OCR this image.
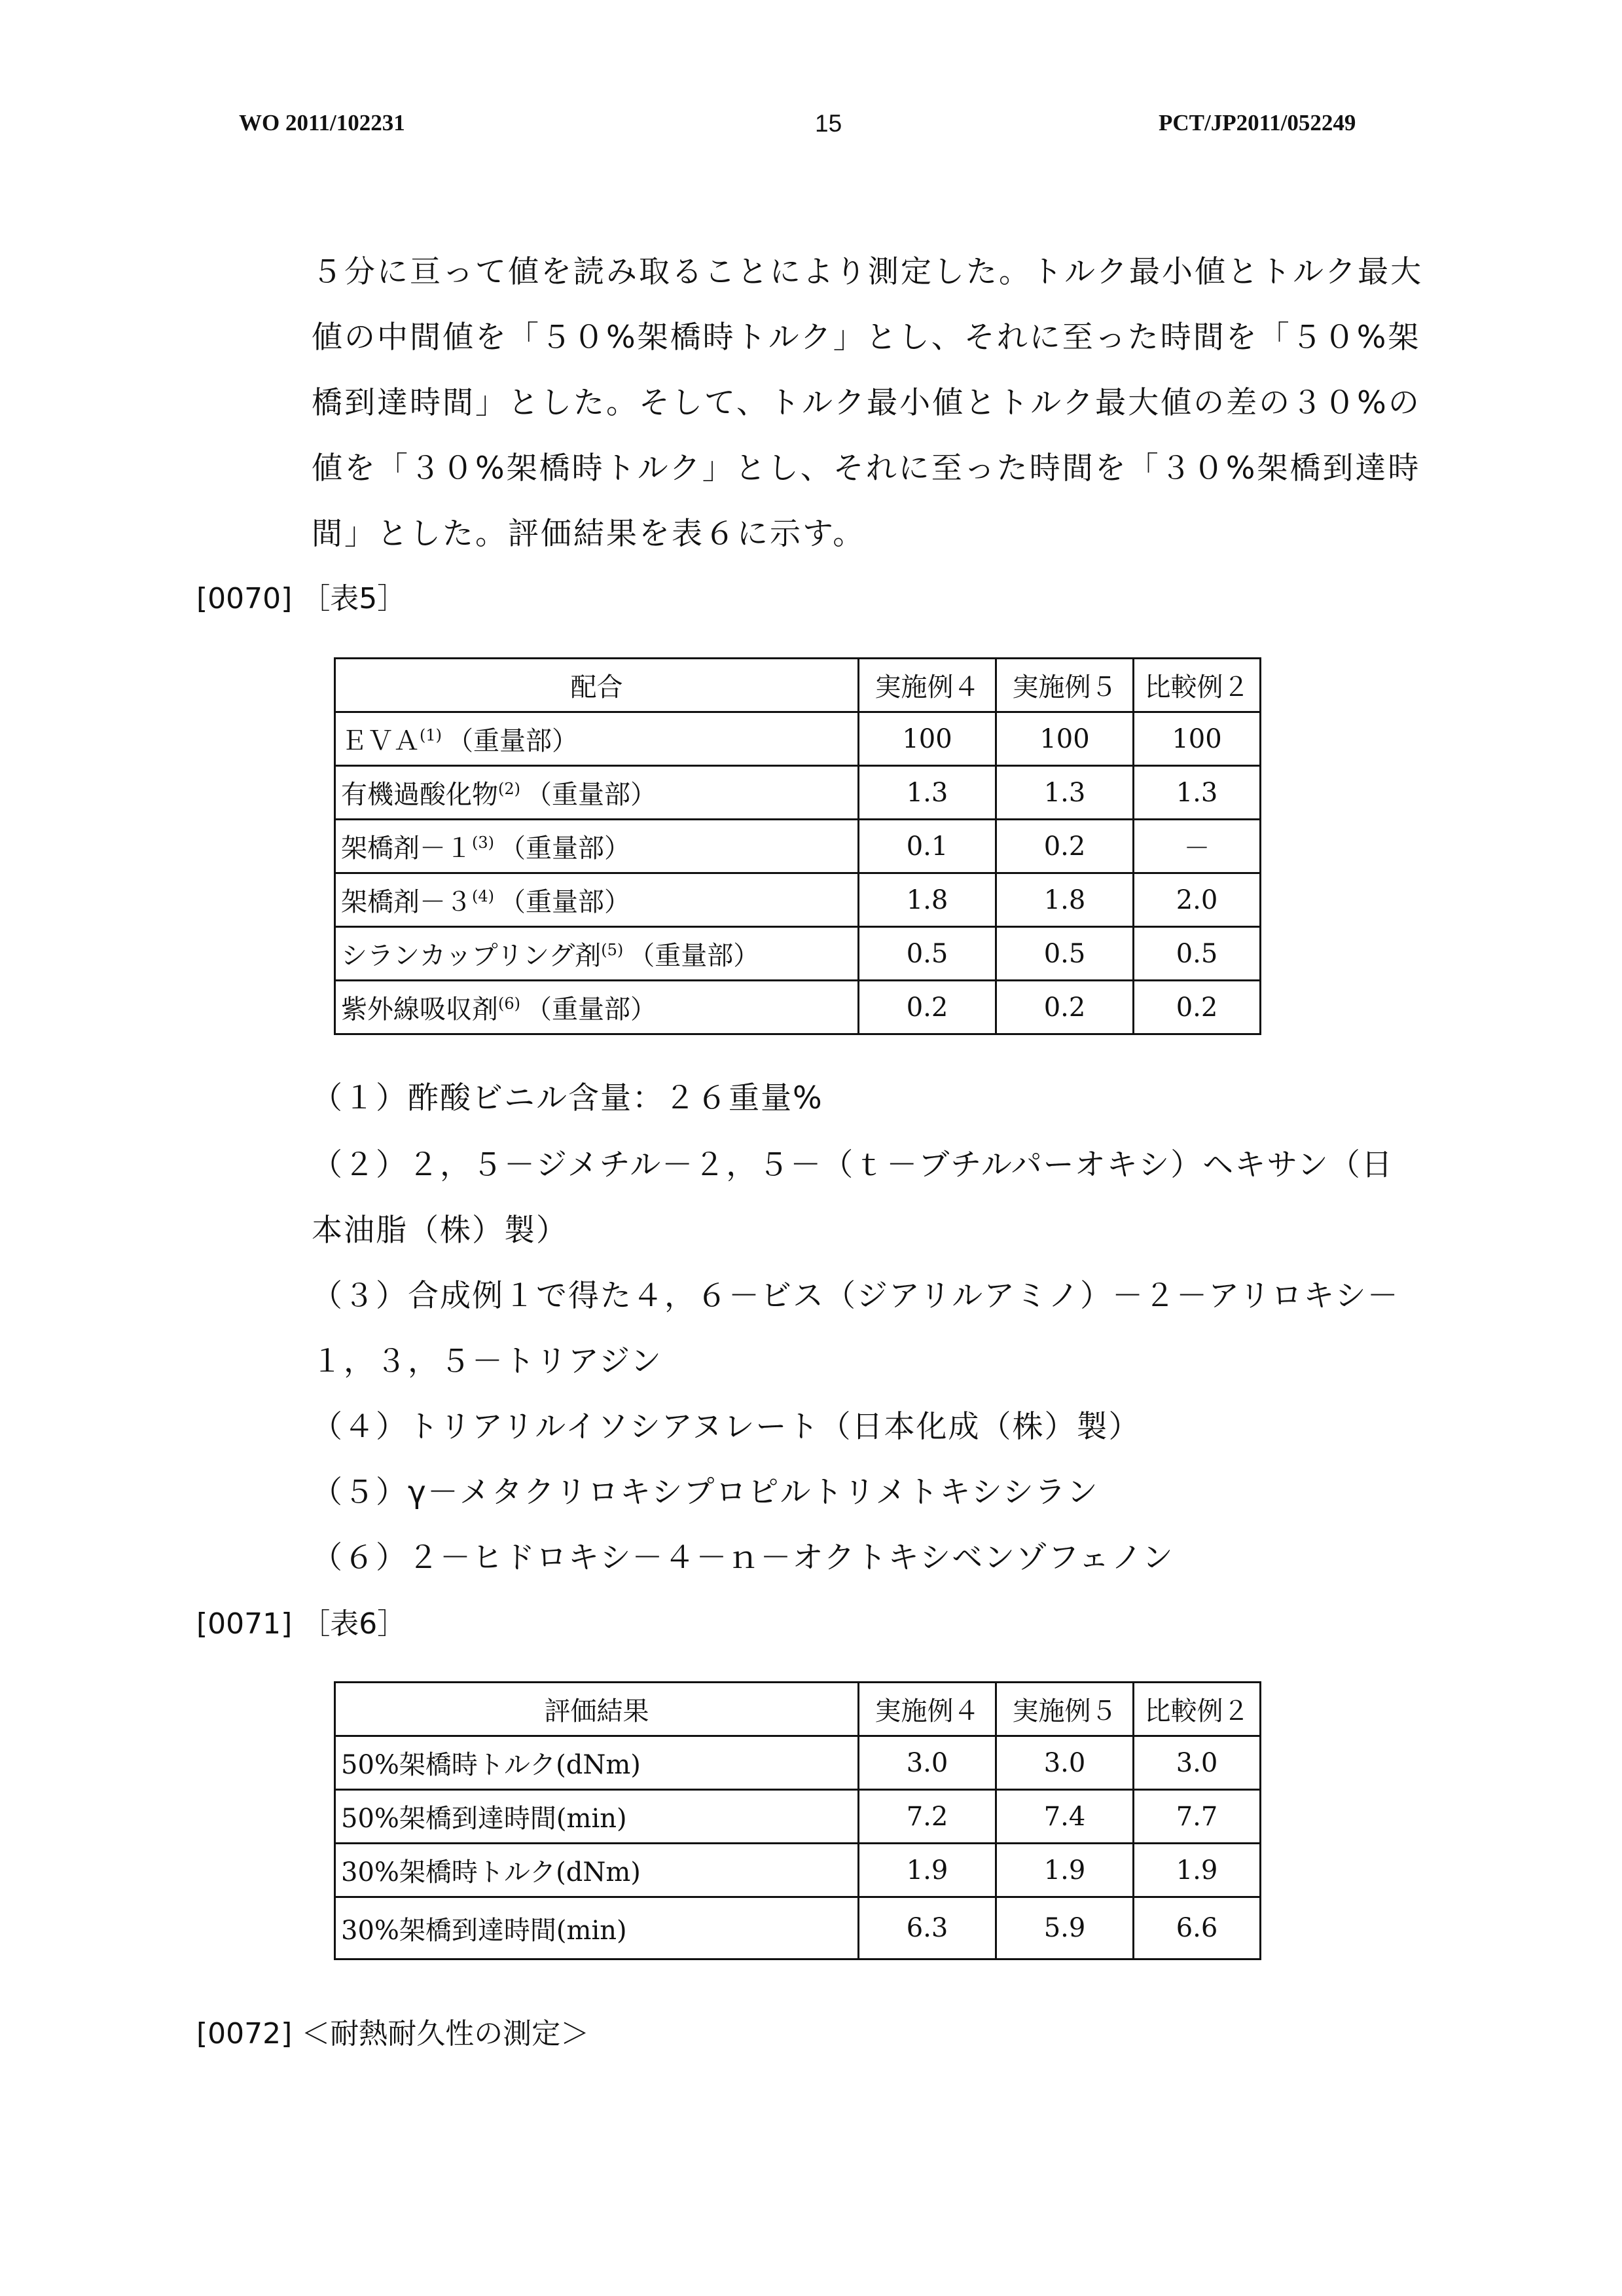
WO 2011/102231	15	PCT/JP2011/052249
５分に亘って値を読み取ることにより測定した。トルク最小値とトルク最大
値の中間値を「５０%架橋時トルク」とし、それに至った時間を「５０%架
橋到達時間」とした。そして、トルク最小値とトルク最大値の差の３０%の
値を「３０%架橋時トルク」とし、それに至った時間を「３０%架橋到達時
間」とした。評価結果を表６に示す。
[0070] ［表5］
配合	実施例４	実施例５	比較例２
ＥＶＡ$^{(1)}$ （重量部）	100	100	100
有機過酸化物$^{(2)}$ （重量部）	1.3	1.3	1.3
架橋剤$-1^{(3)}$ （重量部）	0.1	0.2	－
架橋剤$-3^{(4)}$ （重量部）	1.8	1.8	2.0
シランカップリング剤$^{(5)}$ （重量部）	0.5	0.5	0.5
紫外線吸収剤$^{(6)}$ （重量部）	0.2	0.2	0.2
（１）酢酸ビニル含量：２６重量%
（２）２，５－ジメチル－２，５－（ｔ－ブチルパーオキシ）ヘキサン（日
本油脂（株）製）
（３）合成例１で得た４，６－ビス（ジアリルアミノ）－２－アリロキシ－
１，３，５－トリアジン
（４）トリアリルイソシアヌレート（日本化成（株）製）
（５）γ－メタクリロキシプロピルトリメトキシシラン
（６）２－ヒドロキシ－４－ｎ－オクトキシベンゾフェノン
[0071] ［表6］
評価結果	実施例４	実施例５	比較例２
50%架橋時トルク(dNm)	3.0	3.0	3.0
50%架橋到達時間(min)	7.2	7.4	7.7
30%架橋時トルク(dNm)	1.9	1.9	1.9
30%架橋到達時間(min)	6.3	5.9	6.6
[0072] ＜耐熱耐久性の測定＞
